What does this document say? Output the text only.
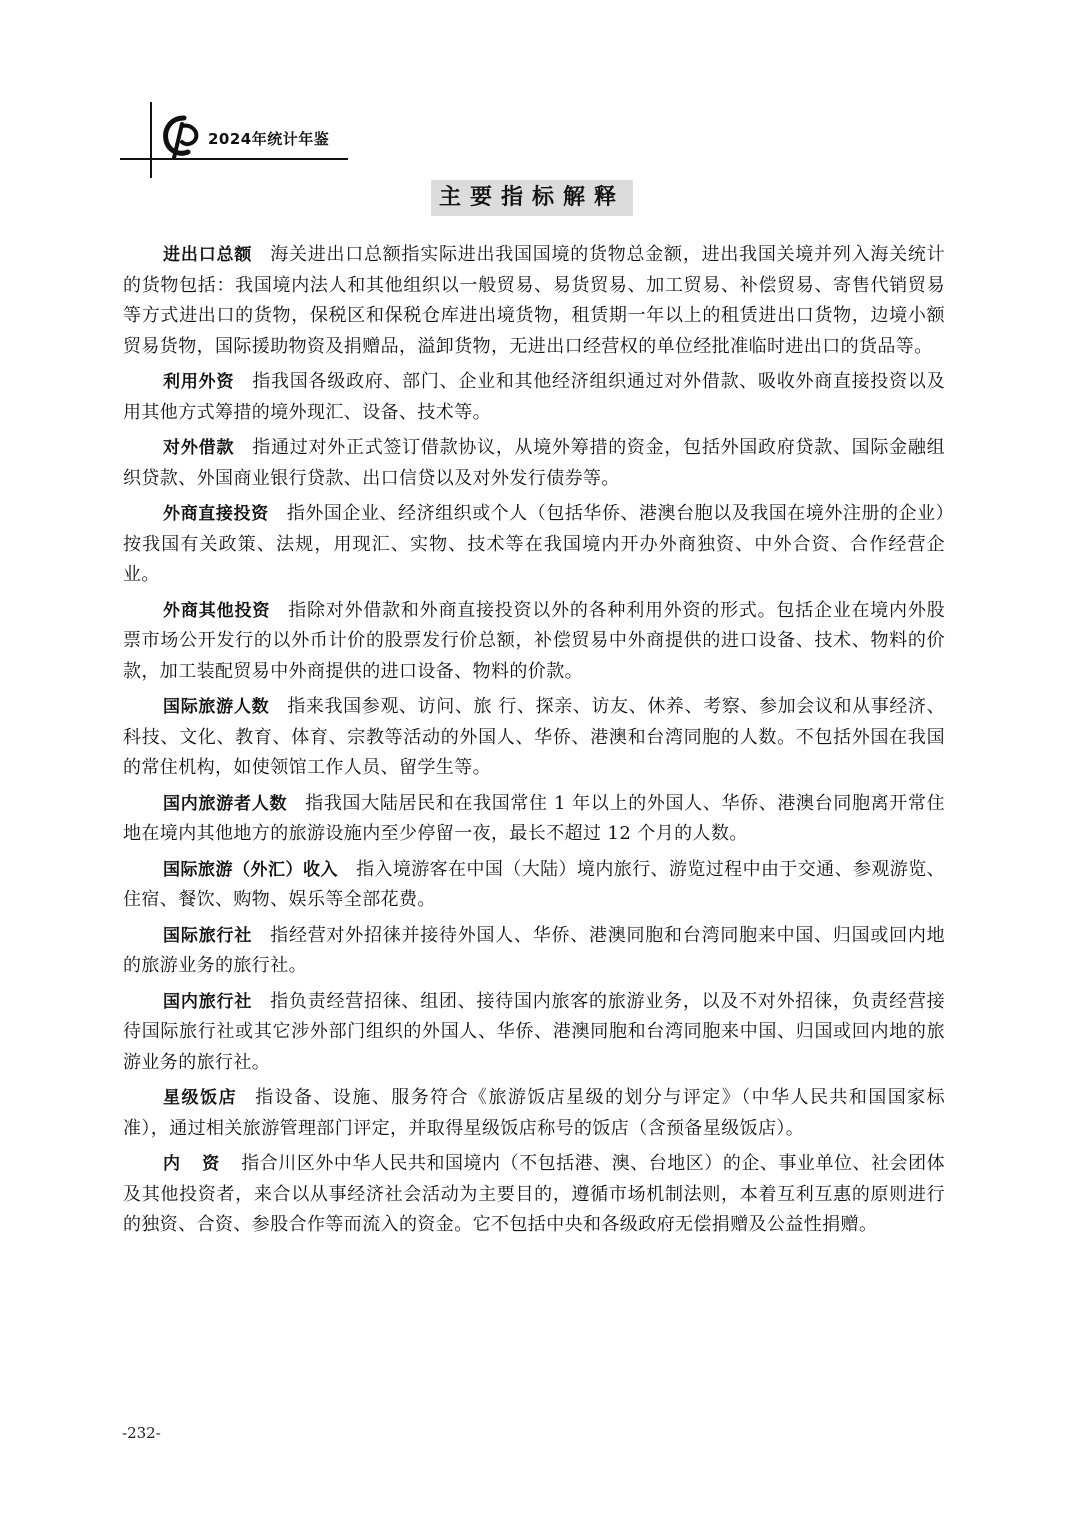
2024年统计年鉴
主要指标解释

进出口总额 海关进出口总额指实际进出我国国境的货物总金额，进出我国关境并列入海关统计的货物包括：我国境内法人和其他组织以一般贸易、易货贸易、加工贸易、补偿贸易、寄售代销贸易等方式进出口的货物，保税区和保税仓库进出境货物，租赁期一年以上的租赁进出口货物，边境小额贸易货物，国际援助物资及捐赠品，溢卸货物，无进出口经营权的单位经批准临时进出口的货品等。

利用外资 指我国各级政府、部门、企业和其他经济组织通过对外借款、吸收外商直接投资以及用其他方式筹措的境外现汇、设备、技术等。

对外借款 指通过对外正式签订借款协议，从境外筹措的资金，包括外国政府贷款、国际金融组织贷款、外国商业银行贷款、出口信贷以及对外发行债券等。

外商直接投资 指外国企业、经济组织或个人（包括华侨、港澳台胞以及我国在境外注册的企业）按我国有关政策、法规，用现汇、实物、技术等在我国境内开办外商独资、中外合资、合作经营企业。

外商其他投资 指除对外借款和外商直接投资以外的各种利用外资的形式。包括企业在境内外股票市场公开发行的以外币计价的股票发行价总额，补偿贸易中外商提供的进口设备、技术、物料的价款，加工装配贸易中外商提供的进口设备、物料的价款。

国际旅游人数 指来我国参观、访问、旅 行、探亲、访友、休养、考察、参加会议和从事经济、科技、文化、教育、体育、宗教等活动的外国人、华侨、港澳和台湾同胞的人数。不包括外国在我国的常住机构，如使领馆工作人员、留学生等。

国内旅游者人数 指我国大陆居民和在我国常住 1 年以上的外国人、华侨、港澳台同胞离开常住地在境内其他地方的旅游设施内至少停留一夜，最长不超过 12 个月的人数。

国际旅游（外汇）收入 指入境游客在中国（大陆）境内旅行、游览过程中由于交通、参观游览、住宿、餐饮、购物、娱乐等全部花费。

国际旅行社 指经营对外招徕并接待外国人、华侨、港澳同胞和台湾同胞来中国、归国或回内地的旅游业务的旅行社。

国内旅行社 指负责经营招徕、组团、接待国内旅客的旅游业务，以及不对外招徕，负责经营接待国际旅行社或其它涉外部门组织的外国人、华侨、港澳同胞和台湾同胞来中国、归国或回内地的旅游业务的旅行社。

星级饭店 指设备、设施、服务符合《旅游饭店星级的划分与评定》（中华人民共和国国家标准），通过相关旅游管理部门评定，并取得星级饭店称号的饭店（含预备星级饭店）。

内资指合川区外中华人民共和国境内（不包括港、澳、台地区）的企、事业单位、社会团体及其他投资者，来合以从事经济社会活动为主要目的，遵循市场机制法则，本着互利互惠的原则进行的独资、合资、参股合作等而流入的资金。它不包括中央和各级政府无偿捐赠及公益性捐赠。

-232-
